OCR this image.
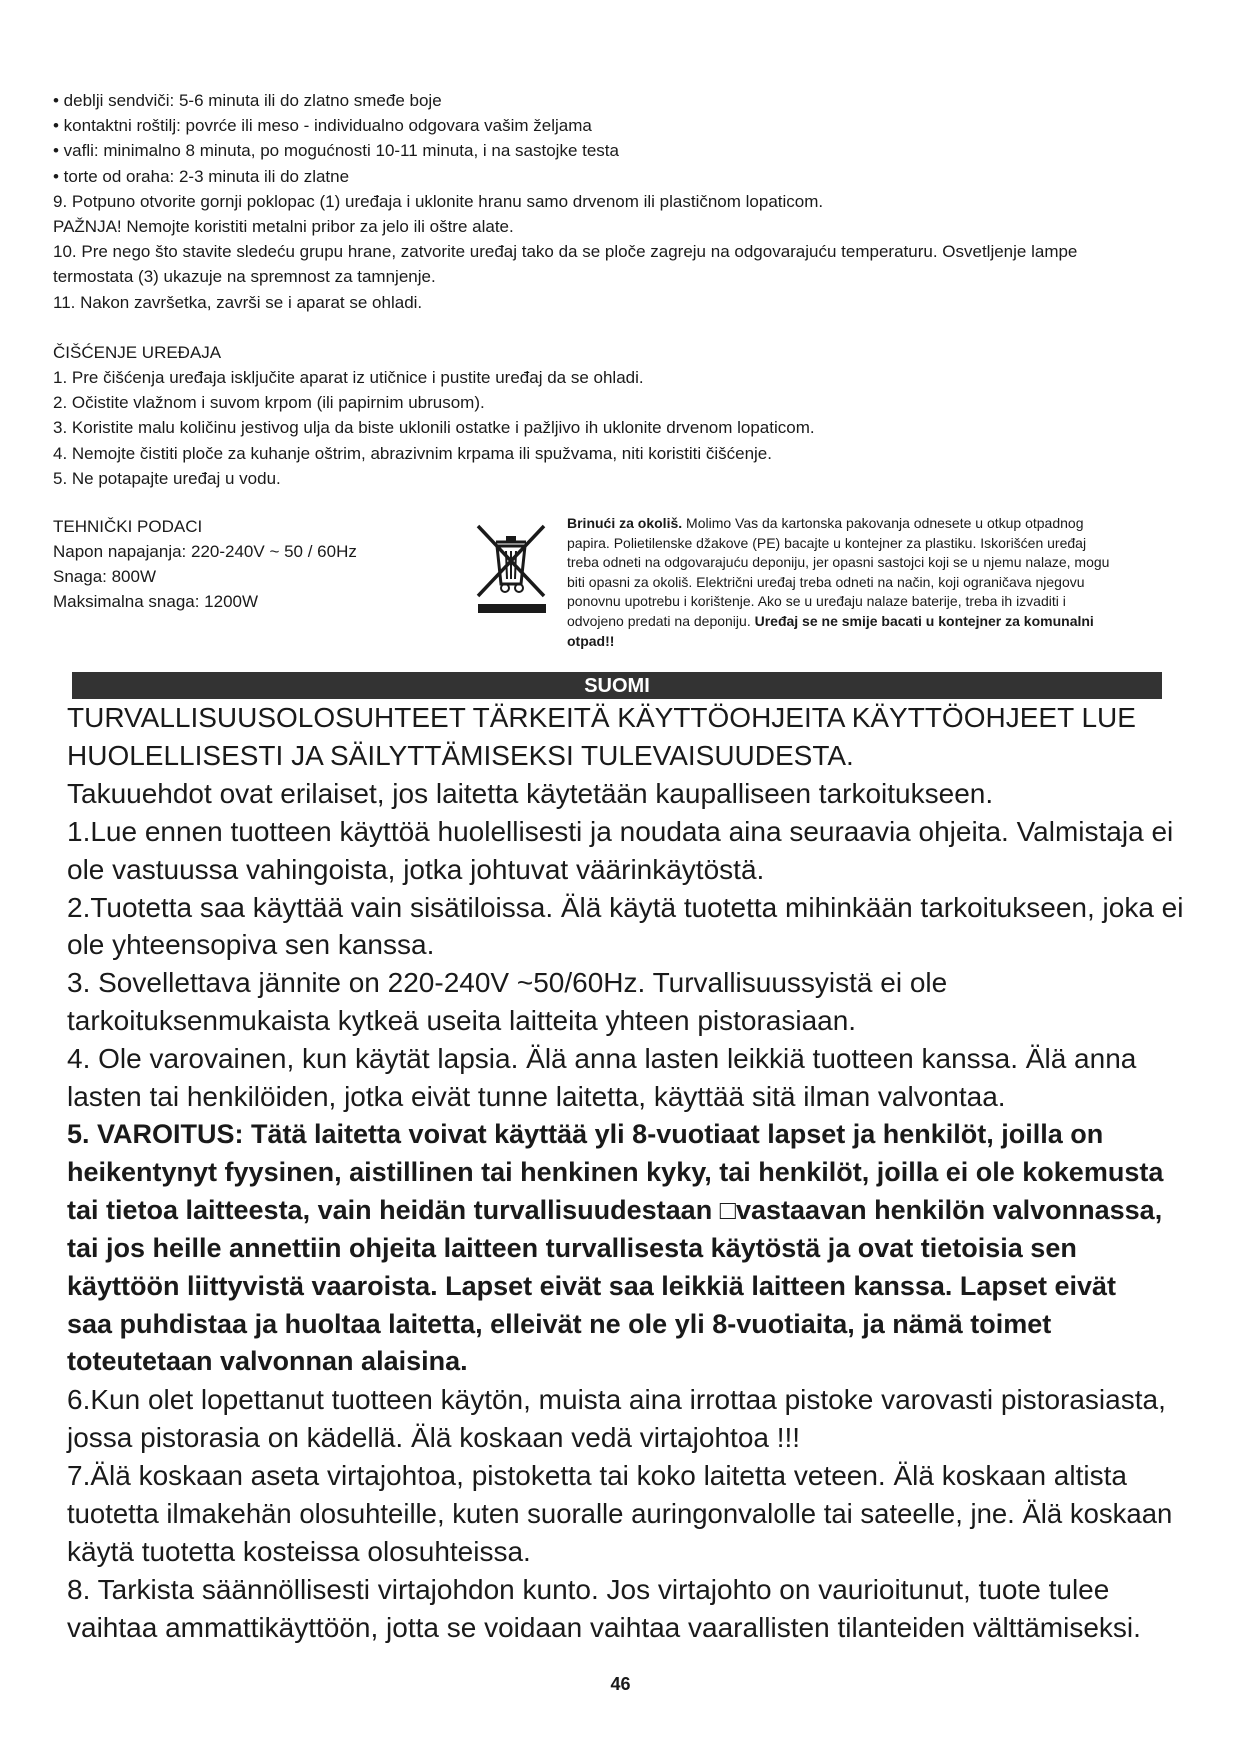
• deblji sendviči: 5-6 minuta ili do zlatno smeđe boje

• kontaktni roštilj: povrće ili meso - individualno odgovara vašim željama

• vafli: minimalno 8 minuta, po mogućnosti 10-11 minuta, i na sastojke testa

• torte od oraha: 2-3 minuta ili do zlatne

9. Potpuno otvorite gornji poklopac (1) uređaja i uklonite hranu samo drvenom ili plastičnom lopaticom.

PAŽNJA! Nemojte koristiti metalni pribor za jelo ili oštre alate.

10. Pre nego što stavite sledeću grupu hrane, zatvorite uređaj tako da se ploče zagreju na odgovarajuću temperaturu. Osvetljenje lampe

termostata (3) ukazuje na spremnost za tamnjenje.

11. Nakon završetka, završi se i aparat se ohladi.

ČIŠĆENJE UREĐAJA

1. Pre čišćenja uređaja isključite aparat iz utičnice i pustite uređaj da se ohladi.

2. Očistite vlažnom i suvom krpom (ili papirnim ubrusom).

3. Koristite malu količinu jestivog ulja da biste uklonili ostatke i pažljivo ih uklonite drvenom lopaticom.

4. Nemojte čistiti ploče za kuhanje oštrim, abrazivnim krpama ili spužvama, niti koristiti čišćenje.

5. Ne potapajte uređaj u vodu.

TEHNIČKI PODACI

Napon napajanja: 220-240V ~ 50 / 60Hz

Snaga: 800W

Maksimalna snaga: 1200W

Brinući za okoliš. Molimo Vas da kartonska pakovanja odnesete u otkup otpadnog

papira. Polietilenske džakove (PE) bacajte u kontejner za plastiku. Iskorišćen uređaj

treba odneti na odgovarajuću deponiju, jer opasni sastojci koji se u njemu nalaze, mogu

biti opasni za okoliš. Električni uređaj treba odneti na način, koji ograničava njegovu

ponovnu upotrebu i korištenje. Ako se u uređaju nalaze baterije, treba ih izvaditi i

odvojeno predati na deponiju. Uređaj se ne smije bacati u kontejner za komunalni

otpad!!

SUOMI

TURVALLISUUSOLOSUHTEET TÄRKEITÄ KÄYTTÖOHJEITA KÄYTTÖOHJEET LUE

HUOLELLISESTI JA SÄILYTTÄMISEKSI TULEVAISUUDESTA.

Takuuehdot ovat erilaiset, jos laitetta käytetään kaupalliseen tarkoitukseen.

1.Lue ennen tuotteen käyttöä huolellisesti ja noudata aina seuraavia ohjeita. Valmistaja ei

ole vastuussa vahingoista, jotka johtuvat väärinkäytöstä.

2.Tuotetta saa käyttää vain sisätiloissa. Älä käytä tuotetta mihinkään tarkoitukseen, joka ei

ole yhteensopiva sen kanssa.

3. Sovellettava jännite on 220-240V ~50/60Hz. Turvallisuussyistä ei ole

tarkoituksenmukaista kytkeä useita laitteita yhteen pistorasiaan.

4. Ole varovainen, kun käytät lapsia. Älä anna lasten leikkiä tuotteen kanssa. Älä anna

lasten tai henkilöiden, jotka eivät tunne laitetta, käyttää sitä ilman valvontaa.

5. VAROITUS: Tätä laitetta voivat käyttää yli 8-vuotiaat lapset ja henkilöt, joilla on

heikentynyt fyysinen, aistillinen tai henkinen kyky, tai henkilöt, joilla ei ole kokemusta

tai tietoa laitteesta, vain heidän turvallisuudestaan □vastaavan henkilön valvonnassa,

tai jos heille annettiin ohjeita laitteen turvallisesta käytöstä ja ovat tietoisia sen

käyttöön liittyvistä vaaroista. Lapset eivät saa leikkiä laitteen kanssa. Lapset eivät

saa puhdistaa ja huoltaa laitetta, elleivät ne ole yli 8-vuotiaita, ja nämä toimet

toteutetaan valvonnan alaisina.

6.Kun olet lopettanut tuotteen käytön, muista aina irrottaa pistoke varovasti pistorasiasta,

jossa pistorasia on kädellä. Älä koskaan vedä virtajohtoa !!!

7.Älä koskaan aseta virtajohtoa, pistoketta tai koko laitetta veteen. Älä koskaan altista

tuotetta ilmakehän olosuhteille, kuten suoralle auringonvalolle tai sateelle, jne. Älä koskaan

käytä tuotetta kosteissa olosuhteissa.

8. Tarkista säännöllisesti virtajohdon kunto. Jos virtajohto on vaurioitunut, tuote tulee

vaihtaa ammattikäyttöön, jotta se voidaan vaihtaa vaarallisten tilanteiden välttämiseksi.

46
